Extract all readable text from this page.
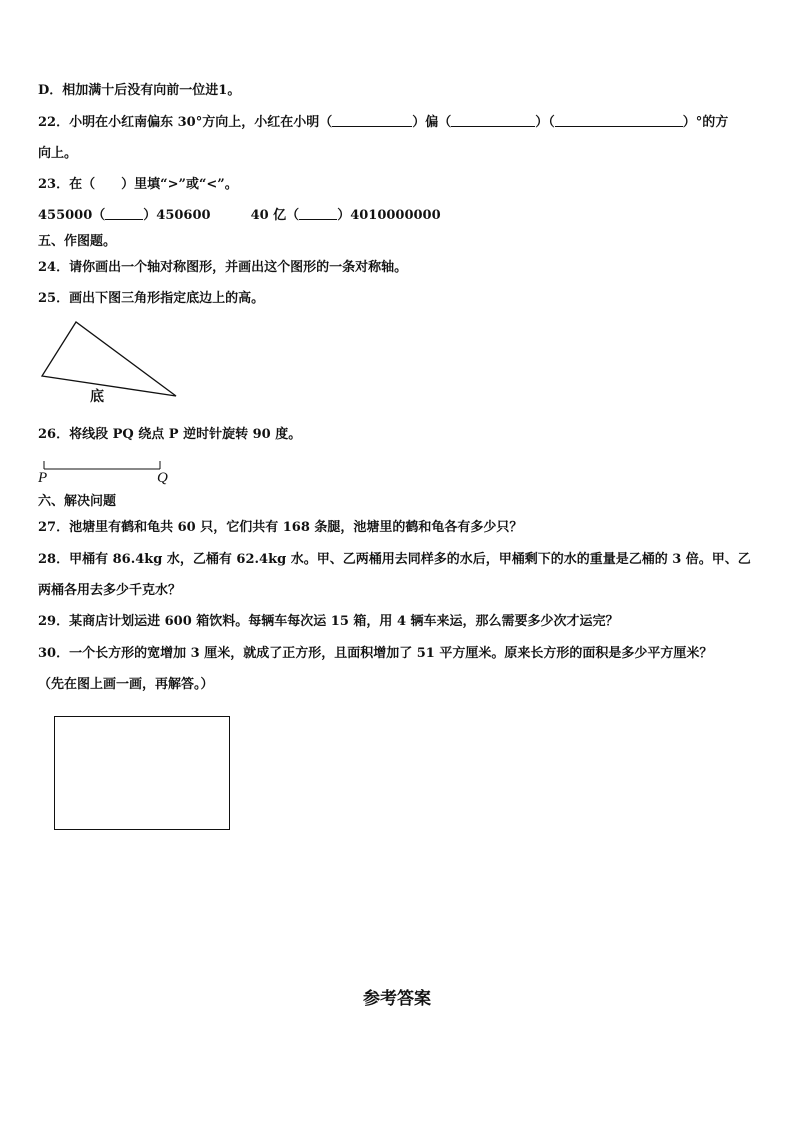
D．相加满十后没有向前一位进1。
22．小明在小红南偏东 30°方向上，小红在小明（	）偏（	）（	）°的方
向上。
23．在（　　）里填“>”或“<”。
455000（	）450600	40 亿（	）4010000000
五、作图题。
24．请你画出一个轴对称图形，并画出这个图形的一条对称轴。
25．画出下图三角形指定底边上的高。
底
26．将线段 PQ 绕点 P 逆时针旋转 90 度。
P	Q
六、解决问题
27．池塘里有鹤和龟共 60 只，它们共有 168 条腿，池塘里的鹤和龟各有多少只？
28．甲桶有 86.4kg 水，乙桶有 62.4kg 水。甲、乙两桶用去同样多的水后，甲桶剩下的水的重量是乙桶的 3 倍。甲、乙
两桶各用去多少千克水？
29．某商店计划运进 600 箱饮料。每辆车每次运 15 箱，用 4 辆车来运，那么需要多少次才运完？
30．一个长方形的宽增加 3 厘米，就成了正方形，且面积增加了 51 平方厘米。原来长方形的面积是多少平方厘米？
（先在图上画一画，再解答。）
参考答案
